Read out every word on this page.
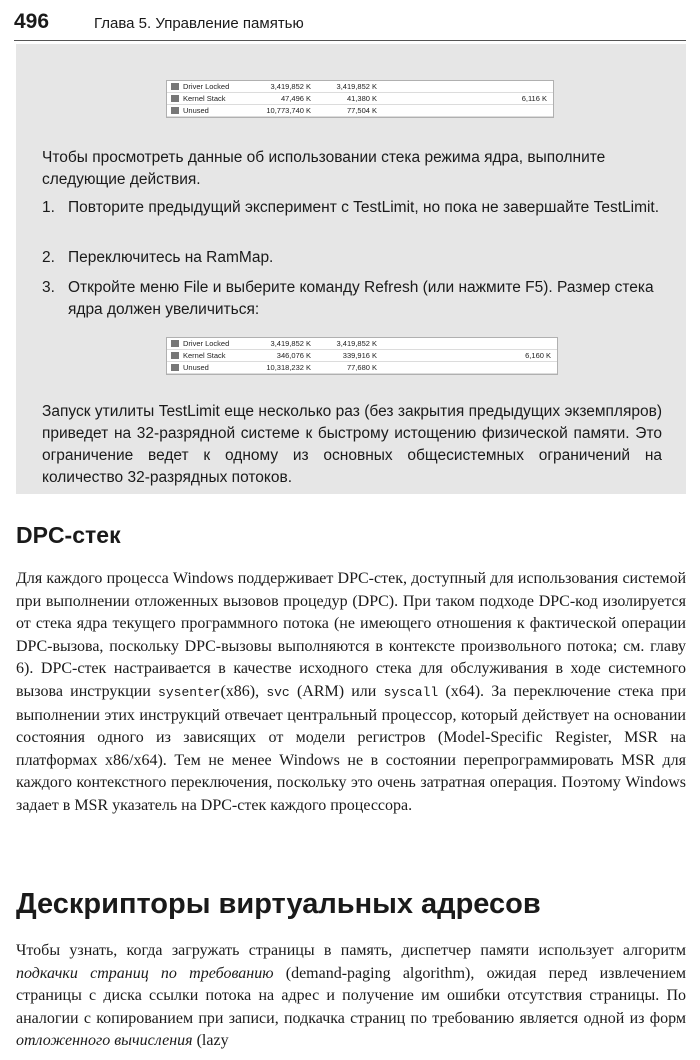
496	Глава 5. Управление памятью
Driver Locked	3,419,852 K	3,419,852 K
Kernel Stack	47,496 K	41,380 K	6,116 K
Unused	10,773,740 K	77,504 K

Чтобы просмотреть данные об использовании стека режима ядра, выполните следующие действия.

1. Повторите предыдущий эксперимент с TestLimit, но пока не завершайте TestLimit.
2. Переключитесь на RamMap.
3. Откройте меню File и выберите команду Refresh (или нажмите F5). Размер стека ядра должен увеличиться:
Driver Locked	3,419,852 K	3,419,852 K
Kernel Stack	346,076 K	339,916 K	6,160 K
Unused	10,318,232 K	77,680 K

Запуск утилиты TestLimit еще несколько раз (без закрытия предыдущих экземпляров) приведет на 32-разрядной системе к быстрому истощению физической памяти. Это ограничение ведет к одному из основных общесистемных ограничений на количество 32-разрядных потоков.

DPC-стек

Для каждого процесса Windows поддерживает DPC-стек, доступный для использования системой при выполнении отложенных вызовов процедур (DPC). При таком подходе DPC-код изолируется от стека ядра текущего программного потока (не имеющего отношения к фактической операции DPC-вызова, поскольку DPC-вызовы выполняются в контексте произвольного потока; см. главу 6). DPC-стек настраивается в качестве исходного стека для обслуживания в ходе системного вызова инструкции sysenter(x86), svc (ARM) или syscall (x64). За переключение стека при выполнении этих инструкций отвечает центральный процессор, который действует на основании состояния одного из зависящих от модели регистров (Model-Specific Register, MSR на платформах x86/x64). Тем не менее Windows не в состоянии перепрограммировать MSR для каждого контекстного переключения, поскольку это очень затратная операция. Поэтому Windows задает в MSR указатель на DPC-стек каждого процессора.

Дескрипторы виртуальных адресов

Чтобы узнать, когда загружать страницы в память, диспетчер памяти использует алгоритм подкачки страниц по требованию (demand-paging algorithm), ожидая перед извлечением страницы с диска ссылки потока на адрес и получение им ошибки отсутствия страницы. По аналогии с копированием при записи, подкачка страниц по требованию является одной из форм отложенного вычисления (lazy
